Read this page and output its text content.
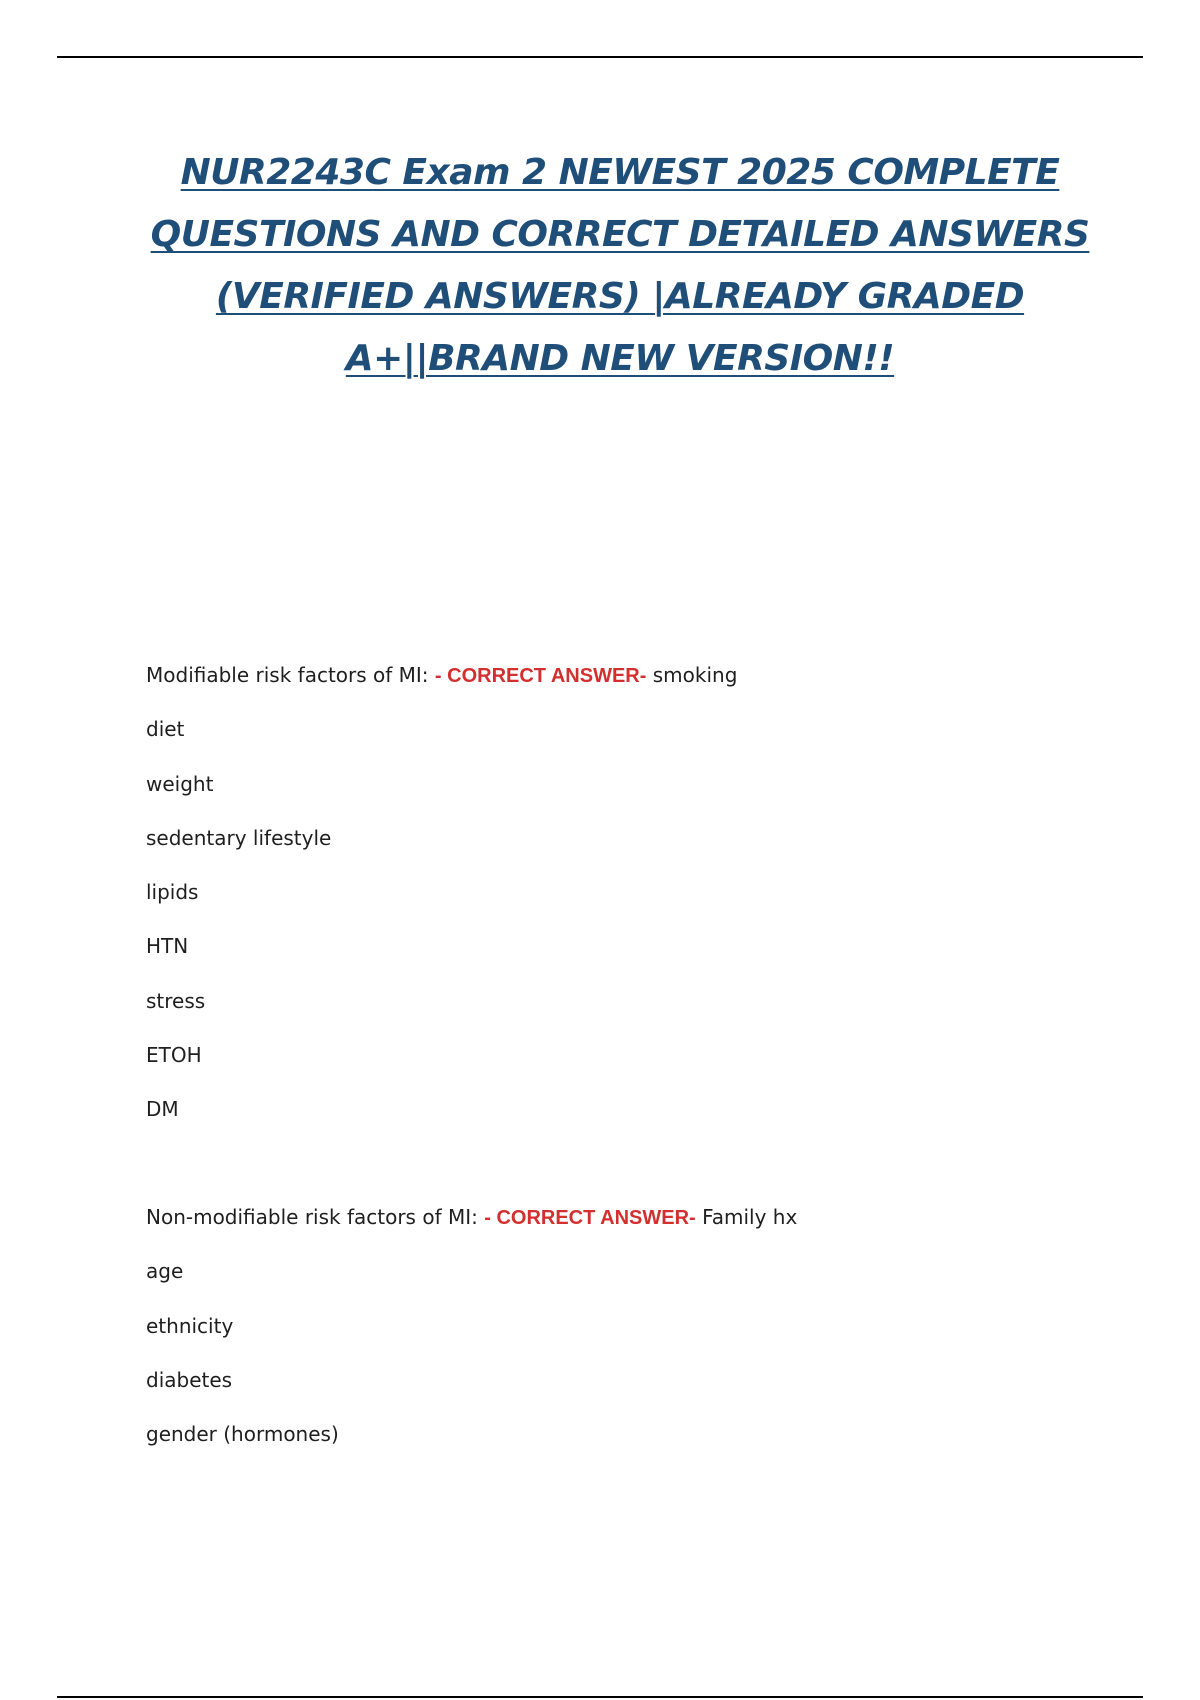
NUR2243C Exam 2 NEWEST 2025 COMPLETE
QUESTIONS AND CORRECT DETAILED ANSWERS
(VERIFIED ANSWERS) |ALREADY GRADED
A+||BRAND NEW VERSION!!
Modifiable risk factors of MI: - CORRECT ANSWER- smoking
diet
weight
sedentary lifestyle
lipids
HTN
stress
ETOH
DM
Non-modifiable risk factors of MI: - CORRECT ANSWER- Family hx
age
ethnicity
diabetes
gender (hormones)
